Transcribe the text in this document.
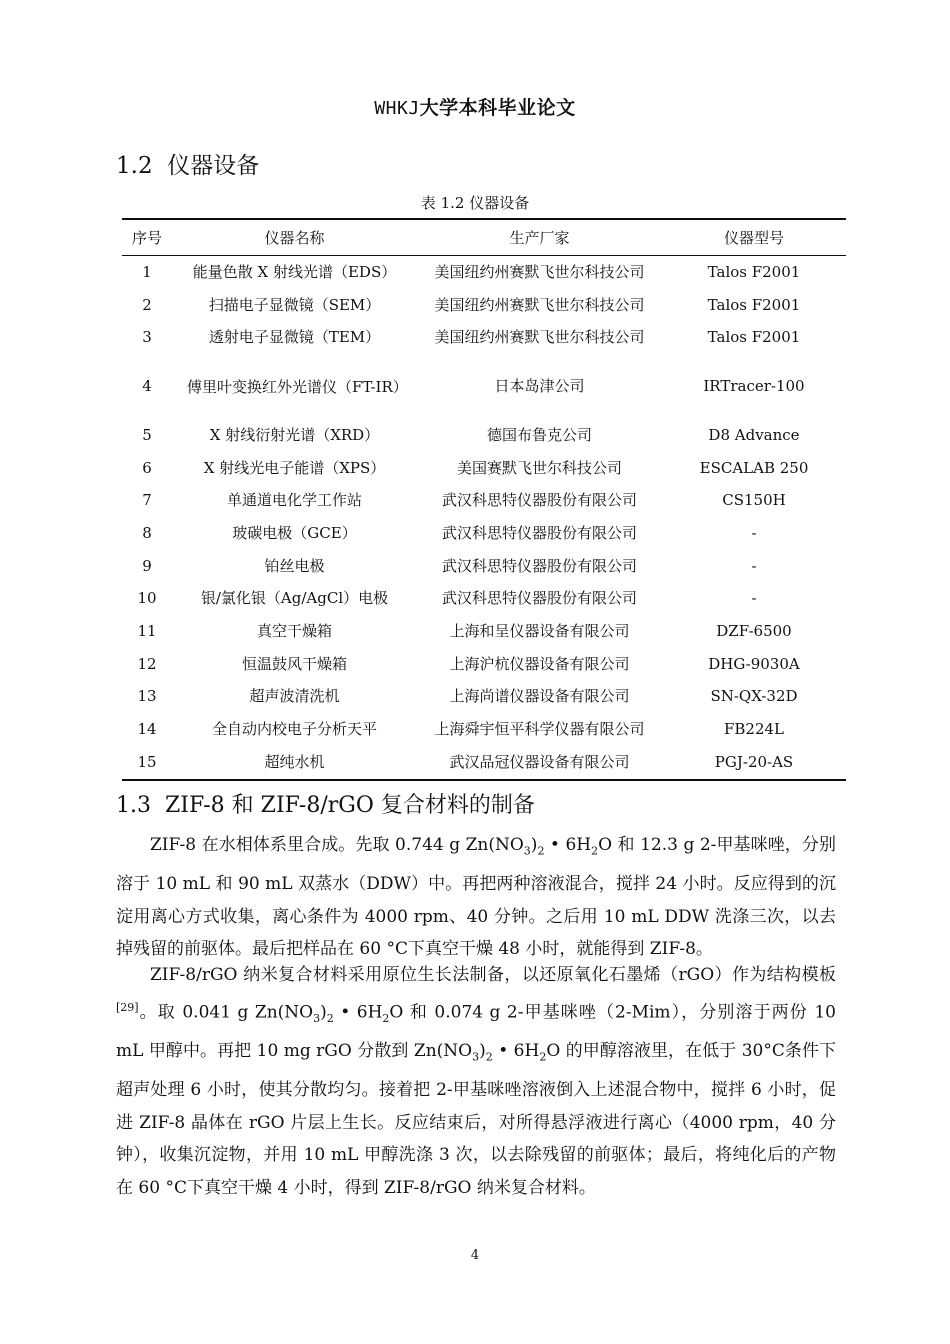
WHKJ大学本科毕业论文
1.2 仪器设备
表 1.2 仪器设备
序号	仪器名称	生产厂家	仪器型号
1	能量色散 X 射线光谱（EDS）	美国纽约州赛默飞世尔科技公司	Talos F2001
2	扫描电子显微镜（SEM）	美国纽约州赛默飞世尔科技公司	Talos F2001
3	透射电子显微镜（TEM）	美国纽约州赛默飞世尔科技公司	Talos F2001
4	傅里叶变换红外光谱仪（FT-IR）	日本岛津公司	IRTracer-100
5	X 射线衍射光谱（XRD）	德国布鲁克公司	D8 Advance
6	X 射线光电子能谱（XPS）	美国赛默飞世尔科技公司	ESCALAB 250
7	单通道电化学工作站	武汉科思特仪器股份有限公司	CS150H
8	玻碳电极（GCE）	武汉科思特仪器股份有限公司	-
9	铂丝电极	武汉科思特仪器股份有限公司	-
10	银/氯化银（Ag/AgCl）电极	武汉科思特仪器股份有限公司	-
11	真空干燥箱	上海和呈仪器设备有限公司	DZF-6500
12	恒温鼓风干燥箱	上海沪杭仪器设备有限公司	DHG-9030A
13	超声波清洗机	上海尚谱仪器设备有限公司	SN-QX-32D
14	全自动内校电子分析天平	上海舜宇恒平科学仪器有限公司	FB224L
15	超纯水机	武汉品冠仪器设备有限公司	PGJ-20-AS
1.3 ZIF-8 和 ZIF-8/rGO 复合材料的制备

ZIF-8 在水相体系里合成。先取 0.744 g $Zn(NO_3)_2$ • $6H_2O$ 和 12.3 g 2-甲基咪唑，分别溶于 10 mL 和 90 mL 双蒸水（DDW）中。再把两种溶液混合，搅拌 24 小时。反应得到的沉淀用离心方式收集，离心条件为 4000 rpm、40 分钟。之后用 10 mL DDW 洗涤三次，以去掉残留的前驱体。最后把样品在 60 °C下真空干燥 48 小时，就能得到 ZIF-8。

ZIF-8/rGO 纳米复合材料采用原位生长法制备，以还原氧化石墨烯（rGO）作为结构模板[29]。取 0.041 g $Zn(NO_3)_2$ • $6H_2O$ 和 0.074 g 2-甲基咪唑（2-Mim），分别溶于两份 10 mL 甲醇中。再把 10 mg rGO 分散到 $Zn(NO_3)_2$ • $6H_2O$ 的甲醇溶液里，在低于 30°C条件下超声处理 6 小时，使其分散均匀。接着把 2-甲基咪唑溶液倒入上述混合物中，搅拌 6 小时，促进 ZIF-8 晶体在 rGO 片层上生长。反应结束后，对所得悬浮液进行离心（4000 rpm，40 分钟），收集沉淀物，并用 10 mL 甲醇洗涤 3 次，以去除残留的前驱体；最后，将纯化后的产物在 60 °C下真空干燥 4 小时，得到 ZIF-8/rGO 纳米复合材料。

4
